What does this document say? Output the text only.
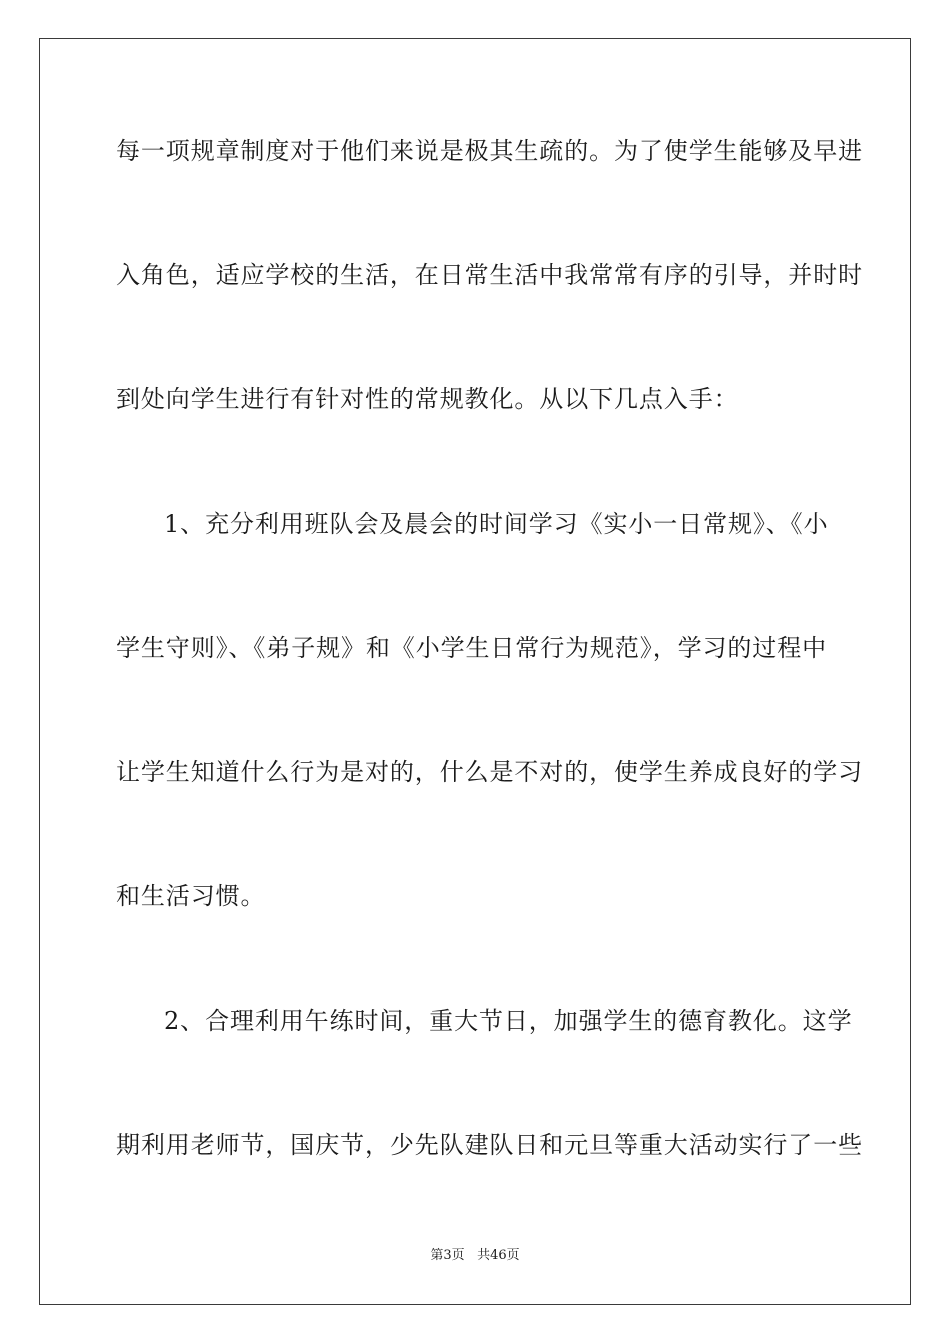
每一项规章制度对于他们来说是极其生疏的。为了使学生能够及早进
入角色，适应学校的生活，在日常生活中我常常有序的引导，并时时
到处向学生进行有针对性的常规教化。从以下几点入手：
1、充分利用班队会及晨会的时间学习《实小一日常规》、《小
学生守则》、《弟子规》和《小学生日常行为规范》，学习的过程中
让学生知道什么行为是对的，什么是不对的，使学生养成良好的学习
和生活习惯。
2、合理利用午练时间，重大节日，加强学生的德育教化。这学
期利用老师节，国庆节，少先队建队日和元旦等重大活动实行了一些
第3页 共46页
